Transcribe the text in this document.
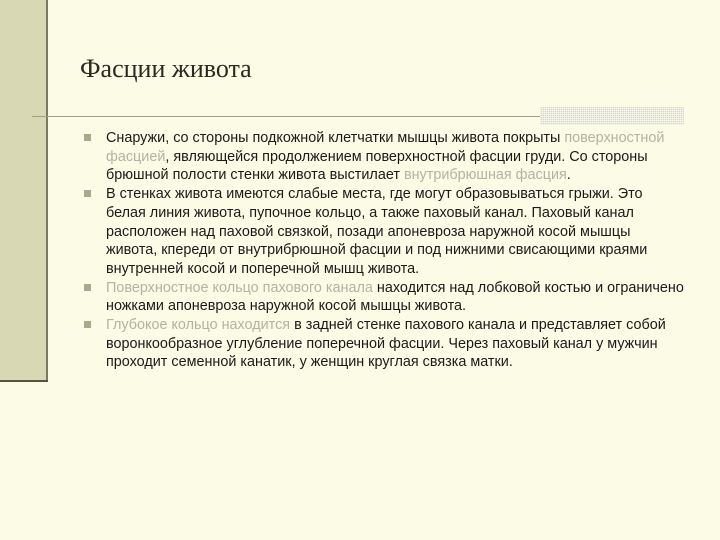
Фасции живота
Снаружи, со стороны подкожной клетчатки мышцы живота покрыты поверхностной фасцией, являющейся продолжением поверхностной фасции груди. Со стороны брюшной полости стенки живота выстилает внутрибрюшная фасция.
В стенках живота имеются слабые места, где могут образовываться грыжи. Это белая линия живота, пупочное кольцо, а также паховый канал. Паховый канал расположен над паховой связкой, позади апоневроза наружной косой мышцы живота, кпереди от внутрибрюшной фасции и под нижними свисающими краями внутренней косой и поперечной мышц живота.
Поверхностное кольцо пахового канала находится над лобковой костью и ограничено ножками апоневроза наружной косой мышцы живота.
Глубокое кольцо находится в задней стенке пахового канала и представляет собой воронкообразное углубление поперечной фасции. Через паховый канал у мужчин проходит семенной канатик, у женщин круглая связка матки.
